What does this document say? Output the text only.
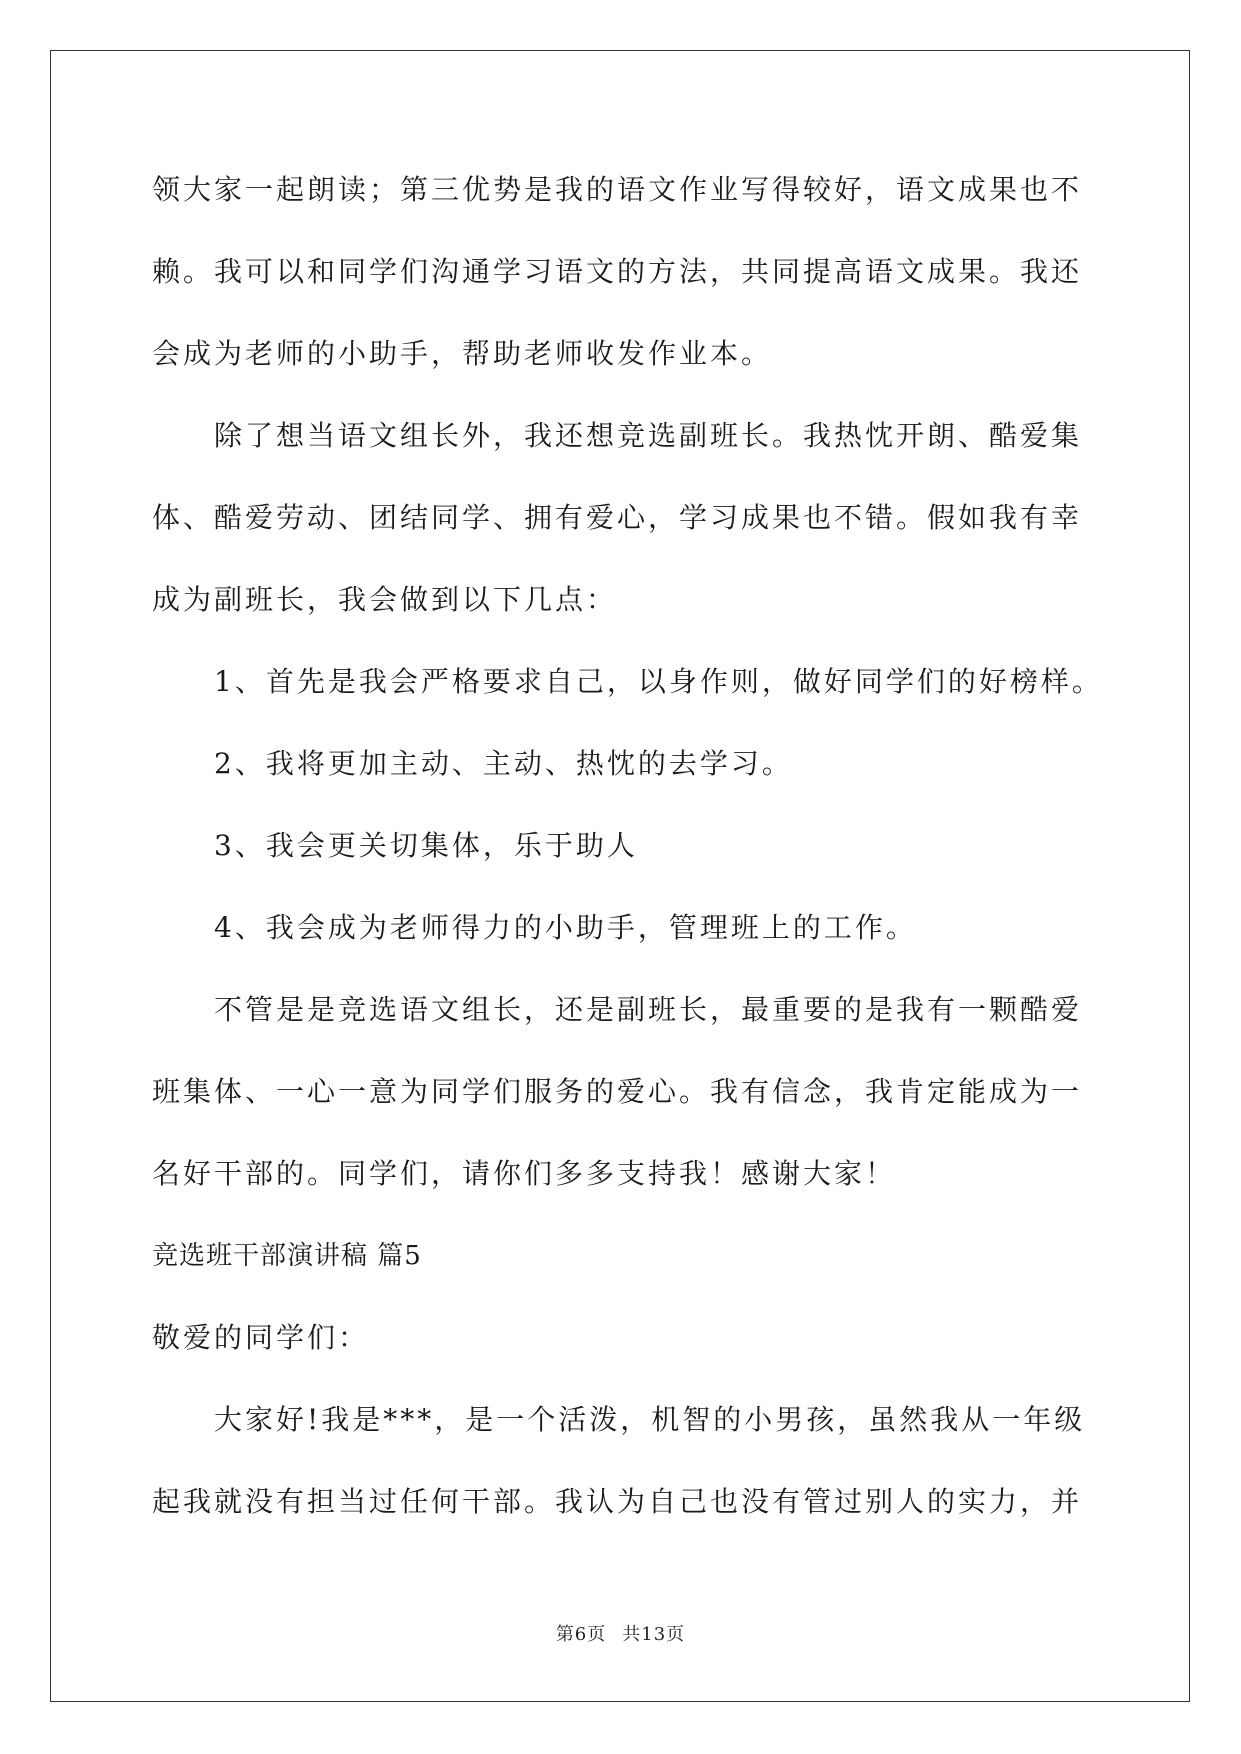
领大家一起朗读；第三优势是我的语文作业写得较好，语文成果也不
赖。我可以和同学们沟通学习语文的方法，共同提高语文成果。我还
会成为老师的小助手，帮助老师收发作业本。
除了想当语文组长外，我还想竞选副班长。我热忱开朗、酷爱集
体、酷爱劳动、团结同学、拥有爱心，学习成果也不错。假如我有幸
成为副班长，我会做到以下几点：
1、首先是我会严格要求自己，以身作则，做好同学们的好榜样。
2、我将更加主动、主动、热忱的去学习。
3、我会更关切集体，乐于助人
4、我会成为老师得力的小助手，管理班上的工作。
不管是是竞选语文组长，还是副班长，最重要的是我有一颗酷爱
班集体、一心一意为同学们服务的爱心。我有信念，我肯定能成为一
名好干部的。同学们，请你们多多支持我！感谢大家！
竞选班干部演讲稿 篇5
敬爱的同学们：
大家好!我是***，是一个活泼，机智的小男孩，虽然我从一年级
起我就没有担当过任何干部。我认为自己也没有管过别人的实力，并
第6页 共13页
